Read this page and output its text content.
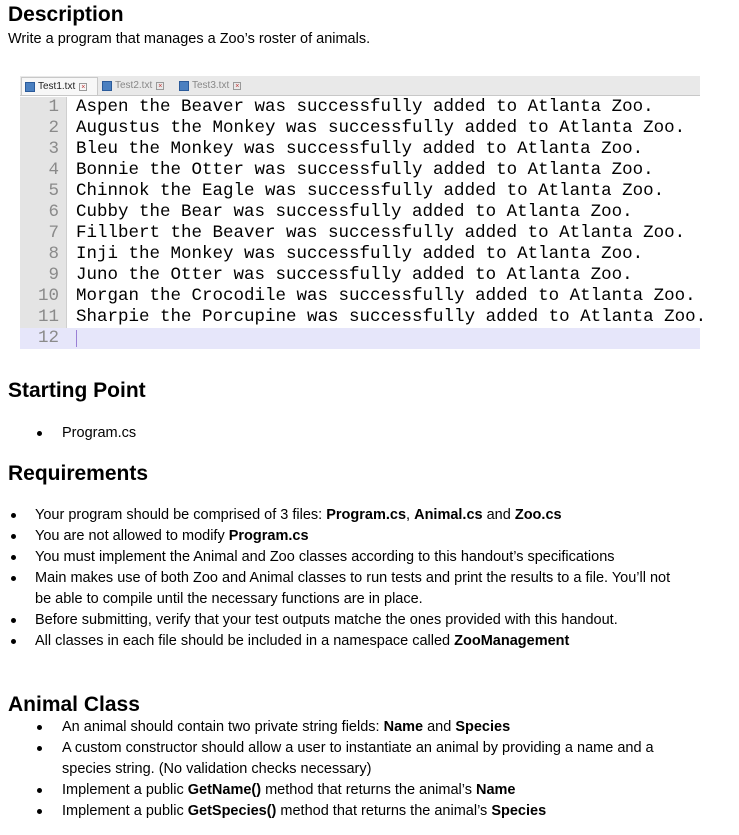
Description
Write a program that manages a Zoo’s roster of animals.
Test1.txt ×	Test2.txt ×	Test3.txt ×
1 Aspen the Beaver was successfully added to Atlanta Zoo.
2 Augustus the Monkey was successfully added to Atlanta Zoo.
3 Bleu the Monkey was successfully added to Atlanta Zoo.
4 Bonnie the Otter was successfully added to Atlanta Zoo.
5 Chinnok the Eagle was successfully added to Atlanta Zoo.
6 Cubby the Bear was successfully added to Atlanta Zoo.
7 Fillbert the Beaver was successfully added to Atlanta Zoo.
8 Inji the Monkey was successfully added to Atlanta Zoo.
9 Juno the Otter was successfully added to Atlanta Zoo.
10 Morgan the Crocodile was successfully added to Atlanta Zoo.
11 Sharpie the Porcupine was successfully added to Atlanta Zoo.
12
Starting Point
Program.cs
Requirements
Your program should be comprised of 3 files: Program.cs, Animal.cs and Zoo.cs
You are not allowed to modify Program.cs
You must implement the Animal and Zoo classes according to this handout’s specifications
Main makes use of both Zoo and Animal classes to run tests and print the results to a file. You’ll not
be able to compile until the necessary functions are in place.
Before submitting, verify that your test outputs matche the ones provided with this handout.
All classes in each file should be included in a namespace called ZooManagement
Animal Class
An animal should contain two private string fields: Name and Species
A custom constructor should allow a user to instantiate an animal by providing a name and a
species string. (No validation checks necessary)
Implement a public GetName() method that returns the animal’s Name
Implement a public GetSpecies() method that returns the animal’s Species
